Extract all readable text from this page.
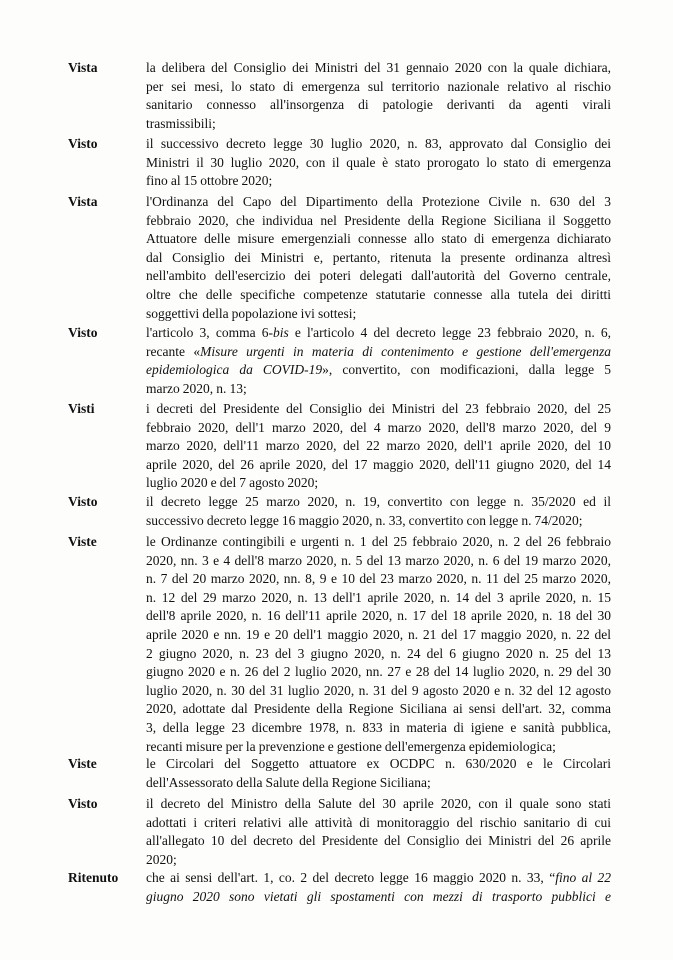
Vista	la delibera del Consiglio dei Ministri del 31 gennaio 2020 con la quale dichiara,
per sei mesi, lo stato di emergenza sul territorio nazionale relativo al rischio
sanitario connesso all'insorgenza di patologie derivanti da agenti virali
trasmissibili;
Visto	il successivo decreto legge 30 luglio 2020, n. 83, approvato dal Consiglio dei
Ministri il 30 luglio 2020, con il quale è stato prorogato lo stato di emergenza
fino al 15 ottobre 2020;
Vista	l'Ordinanza del Capo del Dipartimento della Protezione Civile n. 630 del 3
febbraio 2020, che individua nel Presidente della Regione Siciliana il Soggetto
Attuatore delle misure emergenziali connesse allo stato di emergenza dichiarato
dal Consiglio dei Ministri e, pertanto, ritenuta la presente ordinanza altresì
nell'ambito dell'esercizio dei poteri delegati dall'autorità del Governo centrale,
oltre che delle specifiche competenze statutarie connesse alla tutela dei diritti
soggettivi della popolazione ivi sottesi;
Visto	l'articolo 3, comma 6-bis e l'articolo 4 del decreto legge 23 febbraio 2020, n. 6,
recante «Misure urgenti in materia di contenimento e gestione dell'emergenza
epidemiologica da COVID-19», convertito, con modificazioni, dalla legge 5
marzo 2020, n. 13;
Visti	i decreti del Presidente del Consiglio dei Ministri del 23 febbraio 2020, del 25
febbraio 2020, dell'1 marzo 2020, del 4 marzo 2020, dell'8 marzo 2020, del 9
marzo 2020, dell'11 marzo 2020, del 22 marzo 2020, dell'1 aprile 2020, del 10
aprile 2020, del 26 aprile 2020, del 17 maggio 2020, dell'11 giugno 2020, del 14
luglio 2020 e del 7 agosto 2020;
Visto	il decreto legge 25 marzo 2020, n. 19, convertito con legge n. 35/2020 ed il
successivo decreto legge 16 maggio 2020, n. 33, convertito con legge n. 74/2020;
Viste	le Ordinanze contingibili e urgenti n. 1 del 25 febbraio 2020, n. 2 del 26 febbraio
2020, nn. 3 e 4 dell'8 marzo 2020, n. 5 del 13 marzo 2020, n. 6 del 19 marzo 2020,
n. 7 del 20 marzo 2020, nn. 8, 9 e 10 del 23 marzo 2020, n. 11 del 25 marzo 2020,
n. 12 del 29 marzo 2020, n. 13 dell'1 aprile 2020, n. 14 del 3 aprile 2020, n. 15
dell'8 aprile 2020, n. 16 dell'11 aprile 2020, n. 17 del 18 aprile 2020, n. 18 del 30
aprile 2020 e nn. 19 e 20 dell'1 maggio 2020, n. 21 del 17 maggio 2020, n. 22 del
2 giugno 2020, n. 23 del 3 giugno 2020, n. 24 del 6 giugno 2020 n. 25 del 13
giugno 2020 e n. 26 del 2 luglio 2020, nn. 27 e 28 del 14 luglio 2020, n. 29 del 30
luglio 2020, n. 30 del 31 luglio 2020, n. 31 del 9 agosto 2020 e n. 32 del 12 agosto
2020, adottate dal Presidente della Regione Siciliana ai sensi dell'art. 32, comma
3, della legge 23 dicembre 1978, n. 833 in materia di igiene e sanità pubblica,
recanti misure per la prevenzione e gestione dell'emergenza epidemiologica;
Viste	le Circolari del Soggetto attuatore ex OCDPC n. 630/2020 e le Circolari
dell'Assessorato della Salute della Regione Siciliana;
Visto	il decreto del Ministro della Salute del 30 aprile 2020, con il quale sono stati
adottati i criteri relativi alle attività di monitoraggio del rischio sanitario di cui
all'allegato 10 del decreto del Presidente del Consiglio dei Ministri del 26 aprile
2020;
Ritenuto che ai sensi dell'art. 1, co. 2 del decreto legge 16 maggio 2020 n. 33, “fino al 22
giugno 2020 sono vietati gli spostamenti con mezzi di trasporto pubblici e
